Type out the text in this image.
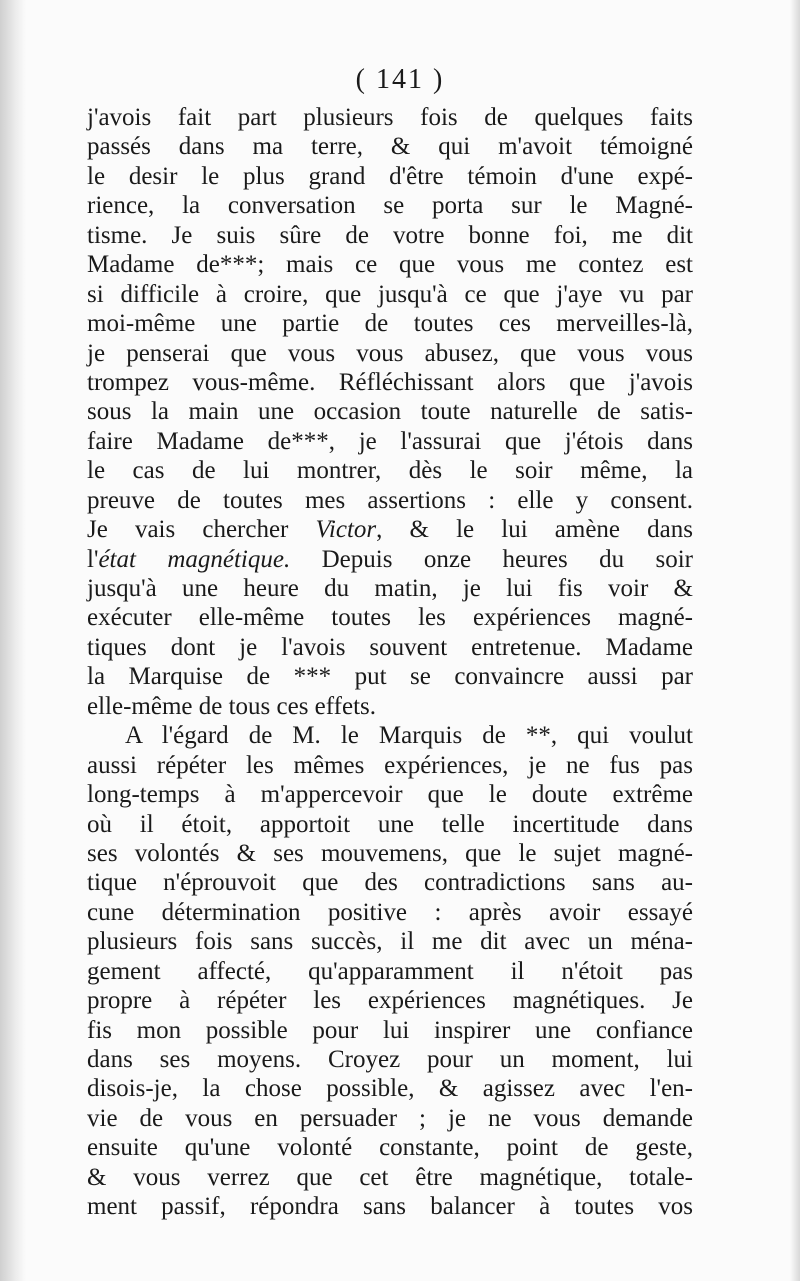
( 141 )
j'avois fait part plusieurs fois de quelques faits
passés dans ma terre, & qui m'avoit témoigné
le desir le plus grand d'être témoin d'une expé-
rience, la conversation se porta sur le Magné-
tisme. Je suis sûre de votre bonne foi, me dit
Madame de***; mais ce que vous me contez est
si difficile à croire, que jusqu'à ce que j'aye vu par
moi-même une partie de toutes ces merveilles-là,
je penserai que vous vous abusez, que vous vous
trompez vous-même. Réfléchissant alors que j'avois
sous la main une occasion toute naturelle de satis-
faire Madame de***, je l'assurai que j'étois dans
le cas de lui montrer, dès le soir même, la
preuve de toutes mes assertions : elle y consent.
Je vais chercher Victor, & le lui amène dans
l'état magnétique. Depuis onze heures du soir
jusqu'à une heure du matin, je lui fis voir &
exécuter elle-même toutes les expériences magné-
tiques dont je l'avois souvent entretenue. Madame
la Marquise de *** put se convaincre aussi par
elle-même de tous ces effets.
A l'égard de M. le Marquis de **, qui voulut
aussi répéter les mêmes expériences, je ne fus pas
long-temps à m'appercevoir que le doute extrême
où il étoit, apportoit une telle incertitude dans
ses volontés & ses mouvemens, que le sujet magné-
tique n'éprouvoit que des contradictions sans au-
cune détermination positive : après avoir essayé
plusieurs fois sans succès, il me dit avec un ména-
gement affecté, qu'apparamment il n'étoit pas
propre à répéter les expériences magnétiques. Je
fis mon possible pour lui inspirer une confiance
dans ses moyens. Croyez pour un moment, lui
disois-je, la chose possible, & agissez avec l'en-
vie de vous en persuader ; je ne vous demande
ensuite qu'une volonté constante, point de geste,
& vous verrez que cet être magnétique, totale-
ment passif, répondra sans balancer à toutes vos
